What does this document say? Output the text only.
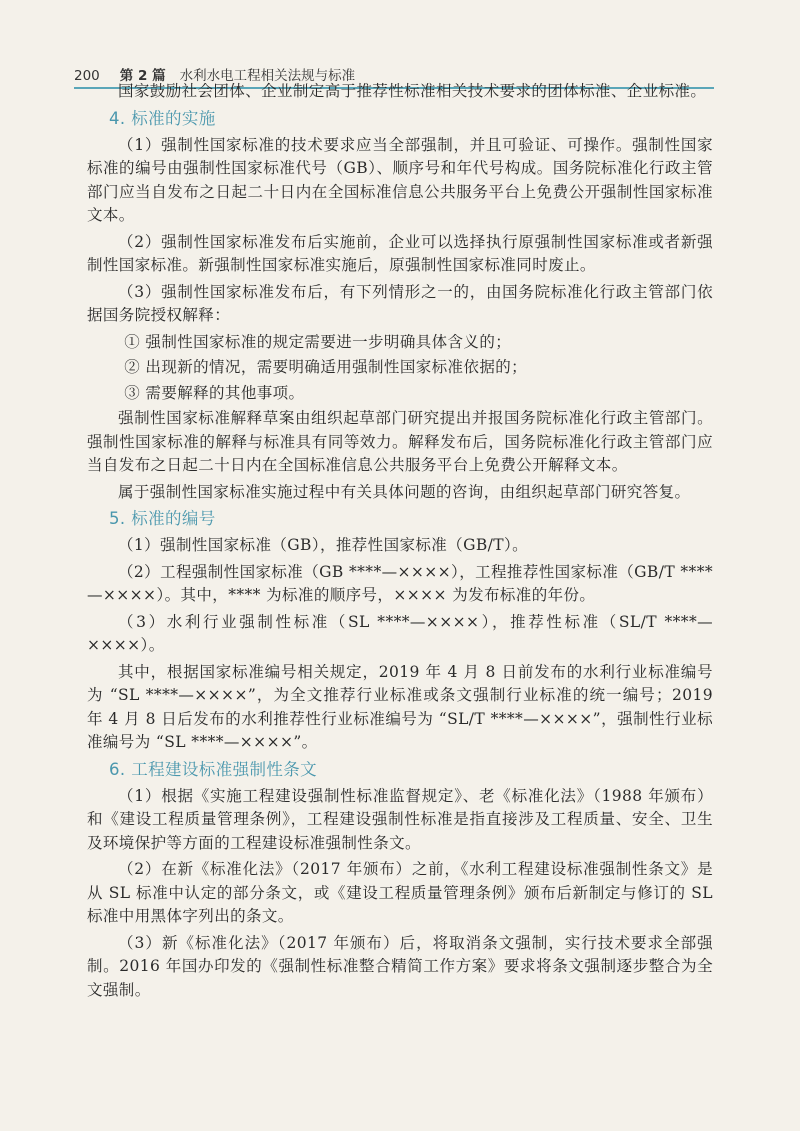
200 第 2 篇 水利水电工程相关法规与标准

国家鼓励社会团体、企业制定高于推荐性标准相关技术要求的团体标准、企业标准。

4. 标准的实施

（1）强制性国家标准的技术要求应当全部强制，并且可验证、可操作。强制性国家标准的编号由强制性国家标准代号（GB）、顺序号和年代号构成。国务院标准化行政主管部门应当自发布之日起二十日内在全国标准信息公共服务平台上免费公开强制性国家标准文本。

（2）强制性国家标准发布后实施前，企业可以选择执行原强制性国家标准或者新强制性国家标准。新强制性国家标准实施后，原强制性国家标准同时废止。

（3）强制性国家标准发布后，有下列情形之一的，由国务院标准化行政主管部门依据国务院授权解释：

① 强制性国家标准的规定需要进一步明确具体含义的；

② 出现新的情况，需要明确适用强制性国家标准依据的；

③ 需要解释的其他事项。

强制性国家标准解释草案由组织起草部门研究提出并报国务院标准化行政主管部门。强制性国家标准的解释与标准具有同等效力。解释发布后，国务院标准化行政主管部门应当自发布之日起二十日内在全国标准信息公共服务平台上免费公开解释文本。

属于强制性国家标准实施过程中有关具体问题的咨询，由组织起草部门研究答复。

5. 标准的编号

（1）强制性国家标准（GB），推荐性国家标准（GB/T）。

（2）工程强制性国家标准（GB ****—××××），工程推荐性国家标准（GB/T ****—××××）。其中，**** 为标准的顺序号，×××× 为发布标准的年份。

（3）水利行业强制性标准（SL ****—××××），推荐性标准（SL/T ****—××××）。

其中，根据国家标准编号相关规定，2019 年 4 月 8 日前发布的水利行业标准编号为 “SL ****—××××”，为全文推荐行业标准或条文强制行业标准的统一编号；2019 年 4 月 8 日后发布的水利推荐性行业标准编号为 “SL/T ****—××××”，强制性行业标准编号为 “SL ****—××××”。

6. 工程建设标准强制性条文

（1）根据《实施工程建设强制性标准监督规定》、老《标准化法》（1988 年颁布）和《建设工程质量管理条例》，工程建设强制性标准是指直接涉及工程质量、安全、卫生及环境保护等方面的工程建设标准强制性条文。

（2）在新《标准化法》（2017 年颁布）之前，《水利工程建设标准强制性条文》是从 SL 标准中认定的部分条文，或《建设工程质量管理条例》颁布后新制定与修订的 SL 标准中用黑体字列出的条文。

（3）新《标准化法》（2017 年颁布）后，将取消条文强制，实行技术要求全部强制。2016 年国办印发的《强制性标准整合精简工作方案》要求将条文强制逐步整合为全文强制。
